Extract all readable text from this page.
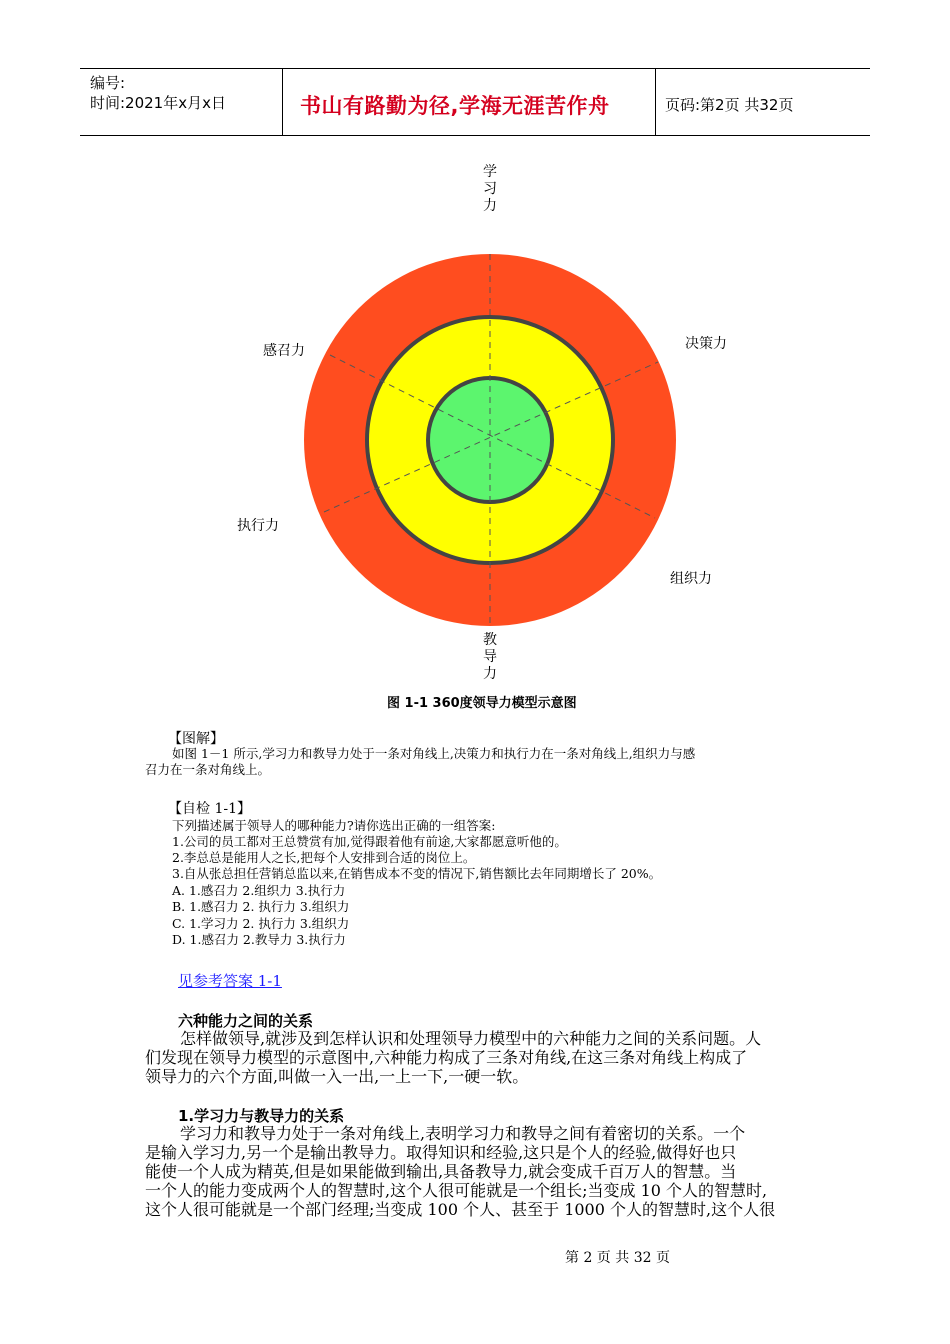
编号:
时间:2021年x月x日	书山有路勤为径,学海无涯苦作舟	页码:第2页 共32页
学习力
感召力	决策力
执行力
组织力
教导力
图 1-1 360度领导力模型示意图
【图解】
如图 1－1 所示,学习力和教导力处于一条对角线上,决策力和执行力在一条对角线上,组织力与感
召力在一条对角线上。
【自检 1-1】
下列描述属于领导人的哪种能力?请你选出正确的一组答案:
1.公司的员工都对王总赞赏有加,觉得跟着他有前途,大家都愿意听他的。
2.李总总是能用人之长,把每个人安排到合适的岗位上。
3.自从张总担任营销总监以来,在销售成本不变的情况下,销售额比去年同期增长了 20%。
A. 1.感召力 2.组织力 3.执行力
B. 1.感召力 2. 执行力 3.组织力
C. 1.学习力 2. 执行力 3.组织力
D. 1.感召力 2.教导力 3.执行力
见参考答案 1-1
六种能力之间的关系
怎样做领导,就涉及到怎样认识和处理领导力模型中的六种能力之间的关系问题。人
们发现在领导力模型的示意图中,六种能力构成了三条对角线,在这三条对角线上构成了
领导力的六个方面,叫做一入一出,一上一下,一硬一软。
1.学习力与教导力的关系
学习力和教导力处于一条对角线上,表明学习力和教导之间有着密切的关系。一个
是输入学习力,另一个是输出教导力。取得知识和经验,这只是个人的经验,做得好也只
能使一个人成为精英,但是如果能做到输出,具备教导力,就会变成千百万人的智慧。当
一个人的能力变成两个人的智慧时,这个人很可能就是一个组长;当变成 10 个人的智慧时,
这个人很可能就是一个部门经理;当变成 100 个人、甚至于 1000 个人的智慧时,这个人很
第 2 页 共 32 页
